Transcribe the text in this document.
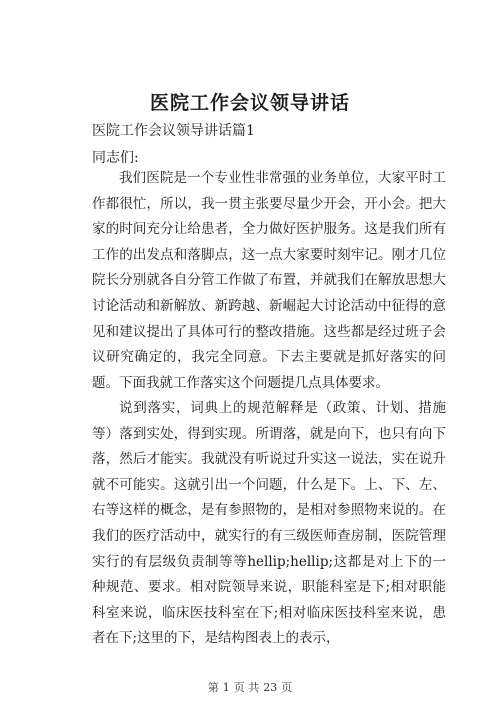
医院工作会议领导讲话
医院工作会议领导讲话篇1
同志们:

我们医院是一个专业性非常强的业务单位，大家平时工作都很忙，所以，我一贯主张要尽量少开会，开小会。把大家的时间充分让给患者，全力做好医护服务。这是我们所有工作的出发点和落脚点，这一点大家要时刻牢记。刚才几位院长分别就各自分管工作做了布置，并就我们在解放思想大讨论活动和新解放、新跨越、新崛起大讨论活动中征得的意见和建议提出了具体可行的整改措施。这些都是经过班子会议研究确定的，我完全同意。下去主要就是抓好落实的问题。下面我就工作落实这个问题提几点具体要求。

说到落实，词典上的规范解释是（政策、计划、措施等）落到实处，得到实现。所谓落，就是向下，也只有向下落，然后才能实。我就没有听说过升实这一说法，实在说升就不可能实。这就引出一个问题，什么是下。上、下、左、右等这样的概念，是有参照物的，是相对参照物来说的。在我们的医疗活动中，就实行的有三级医师查房制，医院管理实行的有层级负责制等等hellip;hellip;这都是对上下的一种规范、要求。相对院领导来说，职能科室是下;相对职能科室来说，临床医技科室在下;相对临床医技科室来说，患者在下;这里的下，是结构图表上的表示，

第 1 页 共 23 页
